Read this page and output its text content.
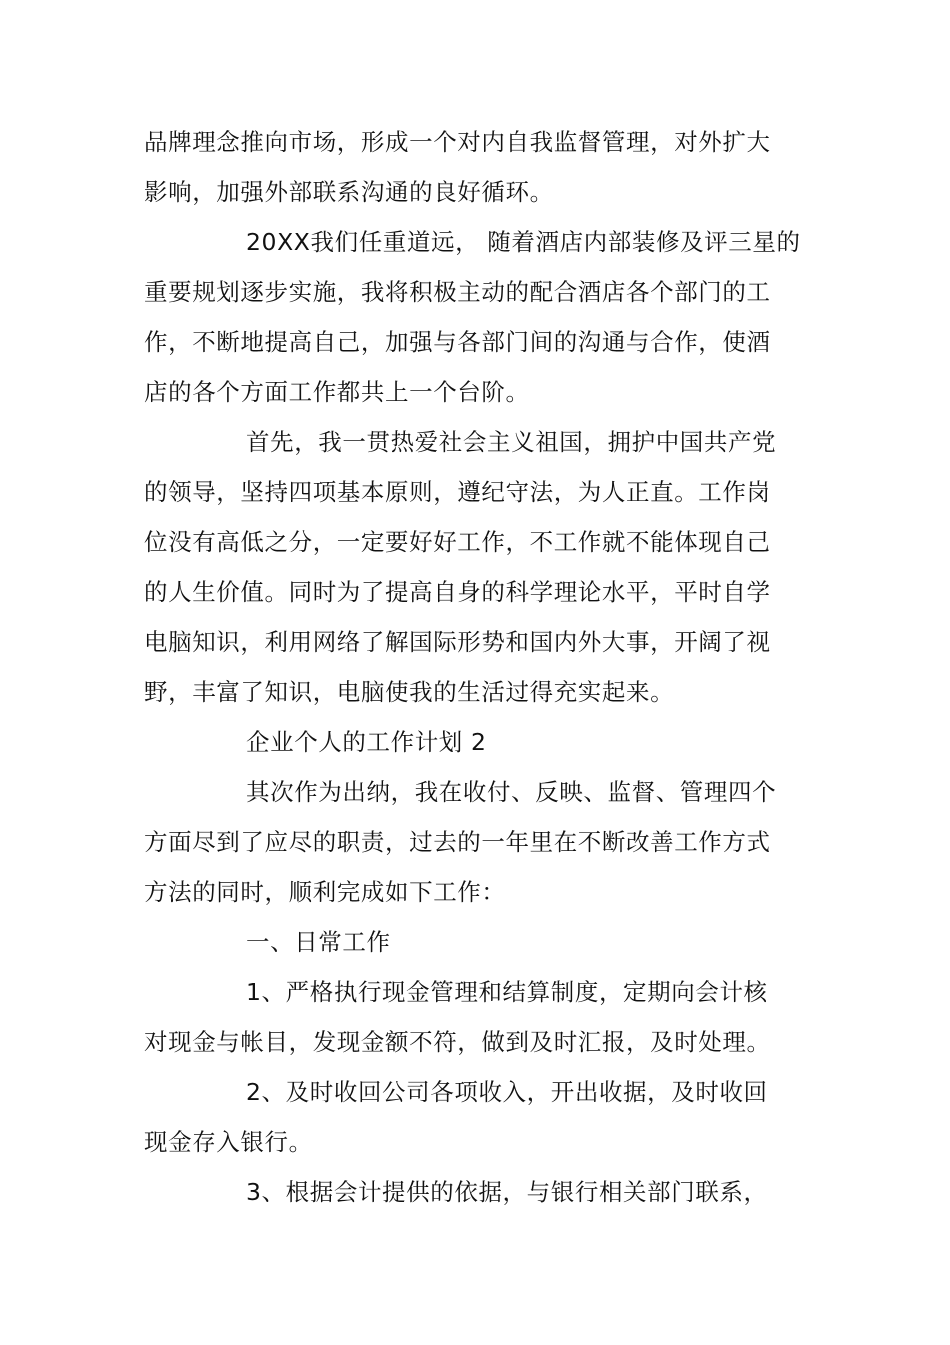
品牌理念推向市场，形成一个对内自我监督管理，对外扩大
影响，加强外部联系沟通的良好循环。
20XX我们任重道远， 随着酒店内部装修及评三星的
重要规划逐步实施，我将积极主动的配合酒店各个部门的工
作，不断地提高自己，加强与各部门间的沟通与合作，使酒
店的各个方面工作都共上一个台阶。
首先，我一贯热爱社会主义祖国，拥护中国共产党
的领导，坚持四项基本原则，遵纪守法，为人正直。工作岗
位没有高低之分，一定要好好工作，不工作就不能体现自己
的人生价值。同时为了提高自身的科学理论水平，平时自学
电脑知识，利用网络了解国际形势和国内外大事，开阔了视
野，丰富了知识，电脑使我的生活过得充实起来。
企业个人的工作计划 2
其次作为出纳，我在收付、反映、监督、管理四个
方面尽到了应尽的职责，过去的一年里在不断改善工作方式
方法的同时，顺利完成如下工作：
一、日常工作
1、严格执行现金管理和结算制度，定期向会计核
对现金与帐目，发现金额不符，做到及时汇报，及时处理。
2、及时收回公司各项收入，开出收据，及时收回
现金存入银行。
3、根据会计提供的依据，与银行相关部门联系，
